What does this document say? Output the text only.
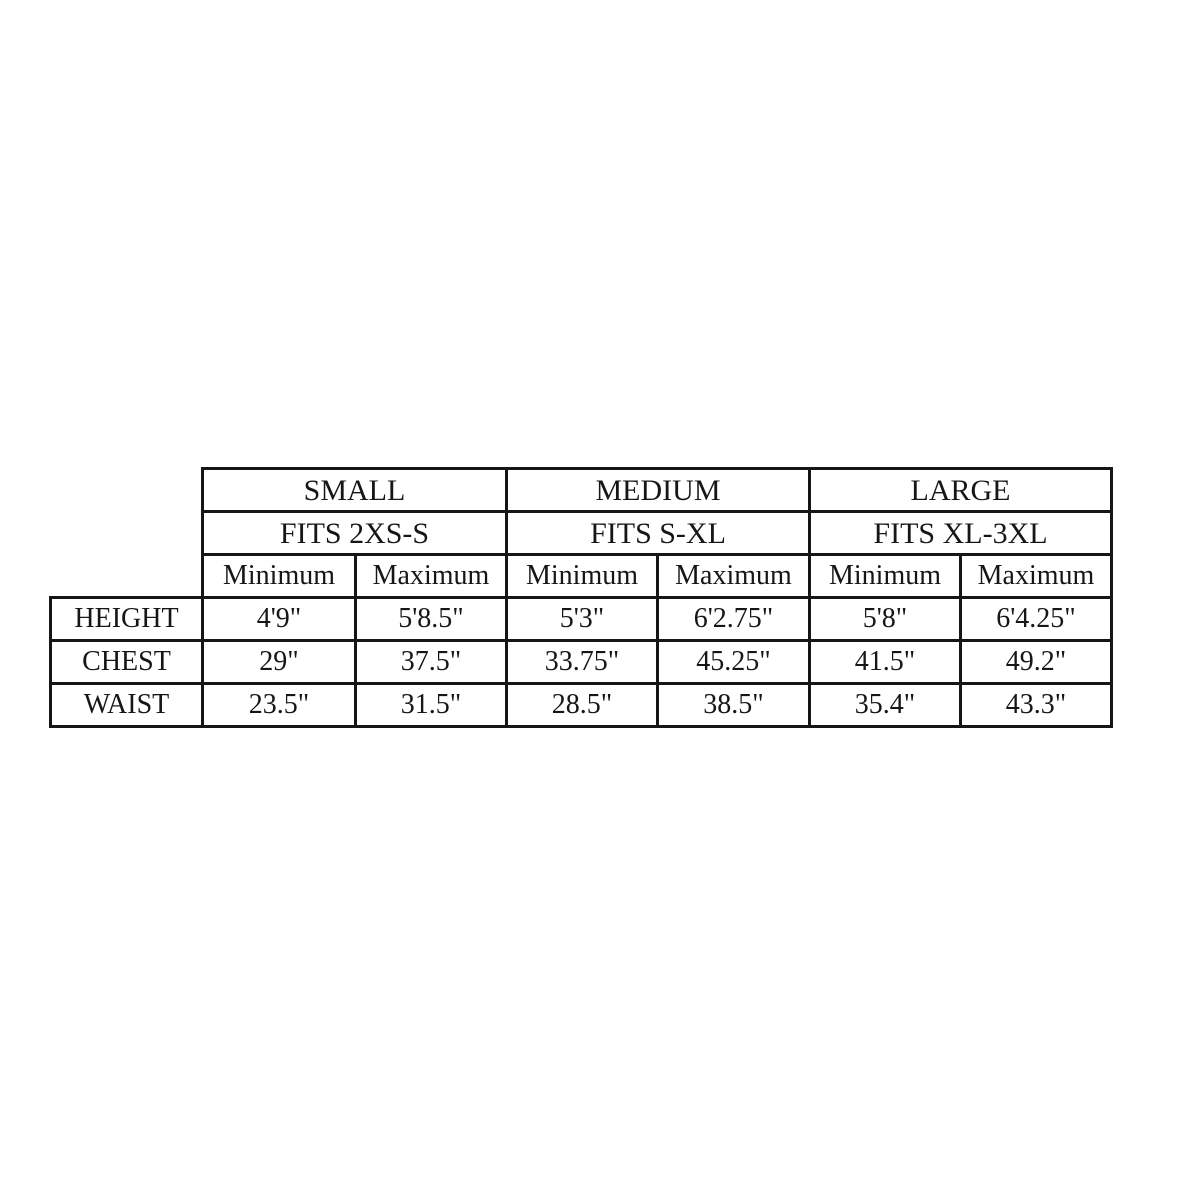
	SMALL		MEDIUM		LARGE	
	FITS 2XS-S		FITS S-XL		FITS XL-3XL	
	Minimum	Maximum	Minimum	Maximum	Minimum	Maximum
HEIGHT	4'9"	5'8.5"	5'3"	6'2.75"	5'8"	6'4.25"
CHEST	29"	37.5"	33.75"	45.25"	41.5"	49.2"
WAIST	23.5"	31.5"	28.5"	38.5"	35.4"	43.3"
